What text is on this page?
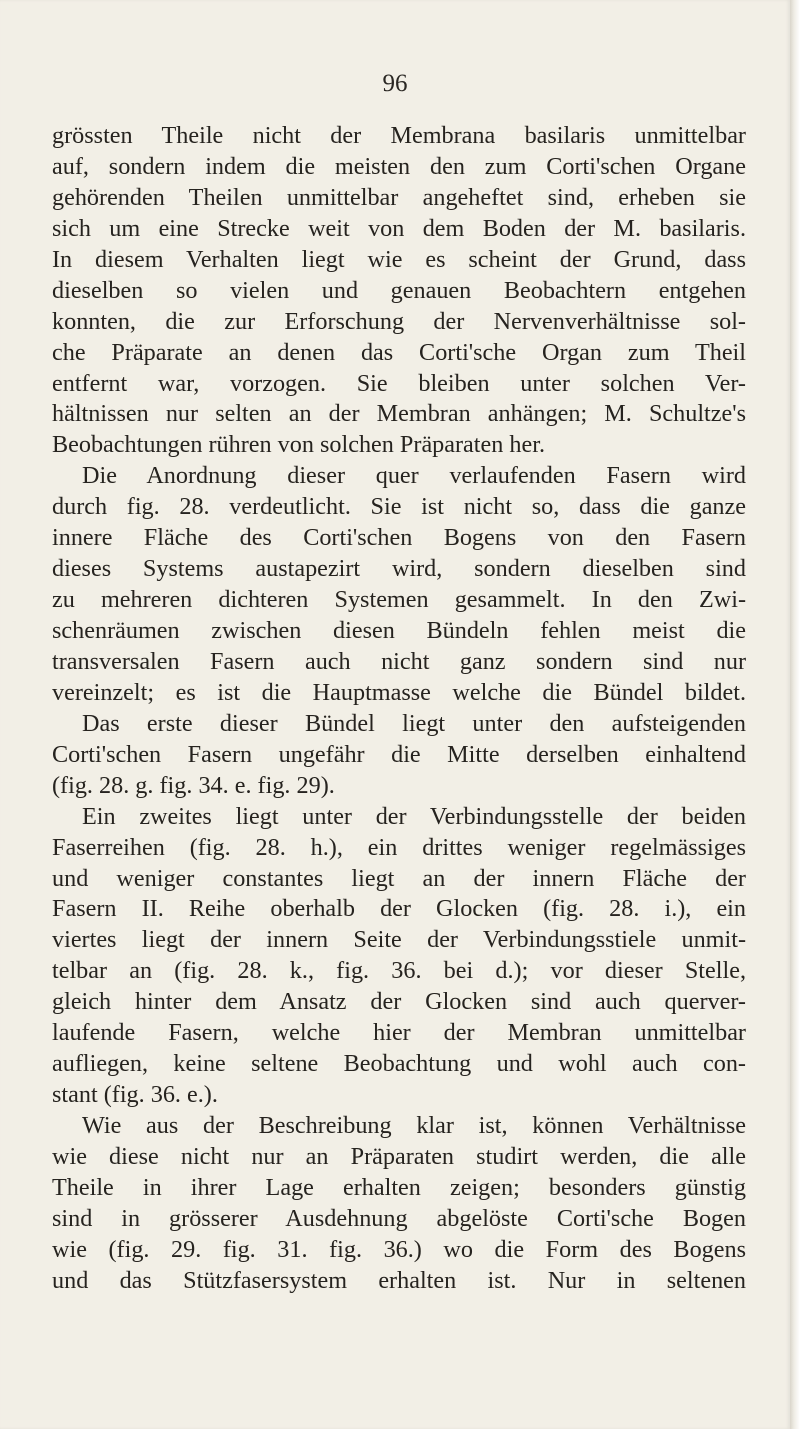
96
grössten Theile nicht der Membrana basilaris unmittelbar
auf, sondern indem die meisten den zum Corti'schen Organe
gehörenden Theilen unmittelbar angeheftet sind, erheben sie
sich um eine Strecke weit von dem Boden der M. basilaris.
In diesem Verhalten liegt wie es scheint der Grund, dass
dieselben so vielen und genauen Beobachtern entgehen
konnten, die zur Erforschung der Nervenverhältnisse sol-
che Präparate an denen das Corti'sche Organ zum Theil
entfernt war, vorzogen. Sie bleiben unter solchen Ver-
hältnissen nur selten an der Membran anhängen; M. Schultze's
Beobachtungen rühren von solchen Präparaten her.
Die Anordnung dieser quer verlaufenden Fasern wird
durch fig. 28. verdeutlicht. Sie ist nicht so, dass die ganze
innere Fläche des Corti'schen Bogens von den Fasern
dieses Systems austapezirt wird, sondern dieselben sind
zu mehreren dichteren Systemen gesammelt. In den Zwi-
schenräumen zwischen diesen Bündeln fehlen meist die
transversalen Fasern auch nicht ganz sondern sind nur
vereinzelt; es ist die Hauptmasse welche die Bündel bildet.
Das erste dieser Bündel liegt unter den aufsteigenden
Corti'schen Fasern ungefähr die Mitte derselben einhaltend
(fig. 28. g. fig. 34. e. fig. 29).
Ein zweites liegt unter der Verbindungsstelle der beiden
Faserreihen (fig. 28. h.), ein drittes weniger regelmässiges
und weniger constantes liegt an der innern Fläche der
Fasern II. Reihe oberhalb der Glocken (fig. 28. i.), ein
viertes liegt der innern Seite der Verbindungsstiele unmit-
telbar an (fig. 28. k., fig. 36. bei d.); vor dieser Stelle,
gleich hinter dem Ansatz der Glocken sind auch querver-
laufende Fasern, welche hier der Membran unmittelbar
aufliegen, keine seltene Beobachtung und wohl auch con-
stant (fig. 36. e.).
Wie aus der Beschreibung klar ist, können Verhältnisse
wie diese nicht nur an Präparaten studirt werden, die alle
Theile in ihrer Lage erhalten zeigen; besonders günstig
sind in grösserer Ausdehnung abgelöste Corti'sche Bogen
wie (fig. 29. fig. 31. fig. 36.) wo die Form des Bogens
und das Stützfasersystem erhalten ist. Nur in seltenen
